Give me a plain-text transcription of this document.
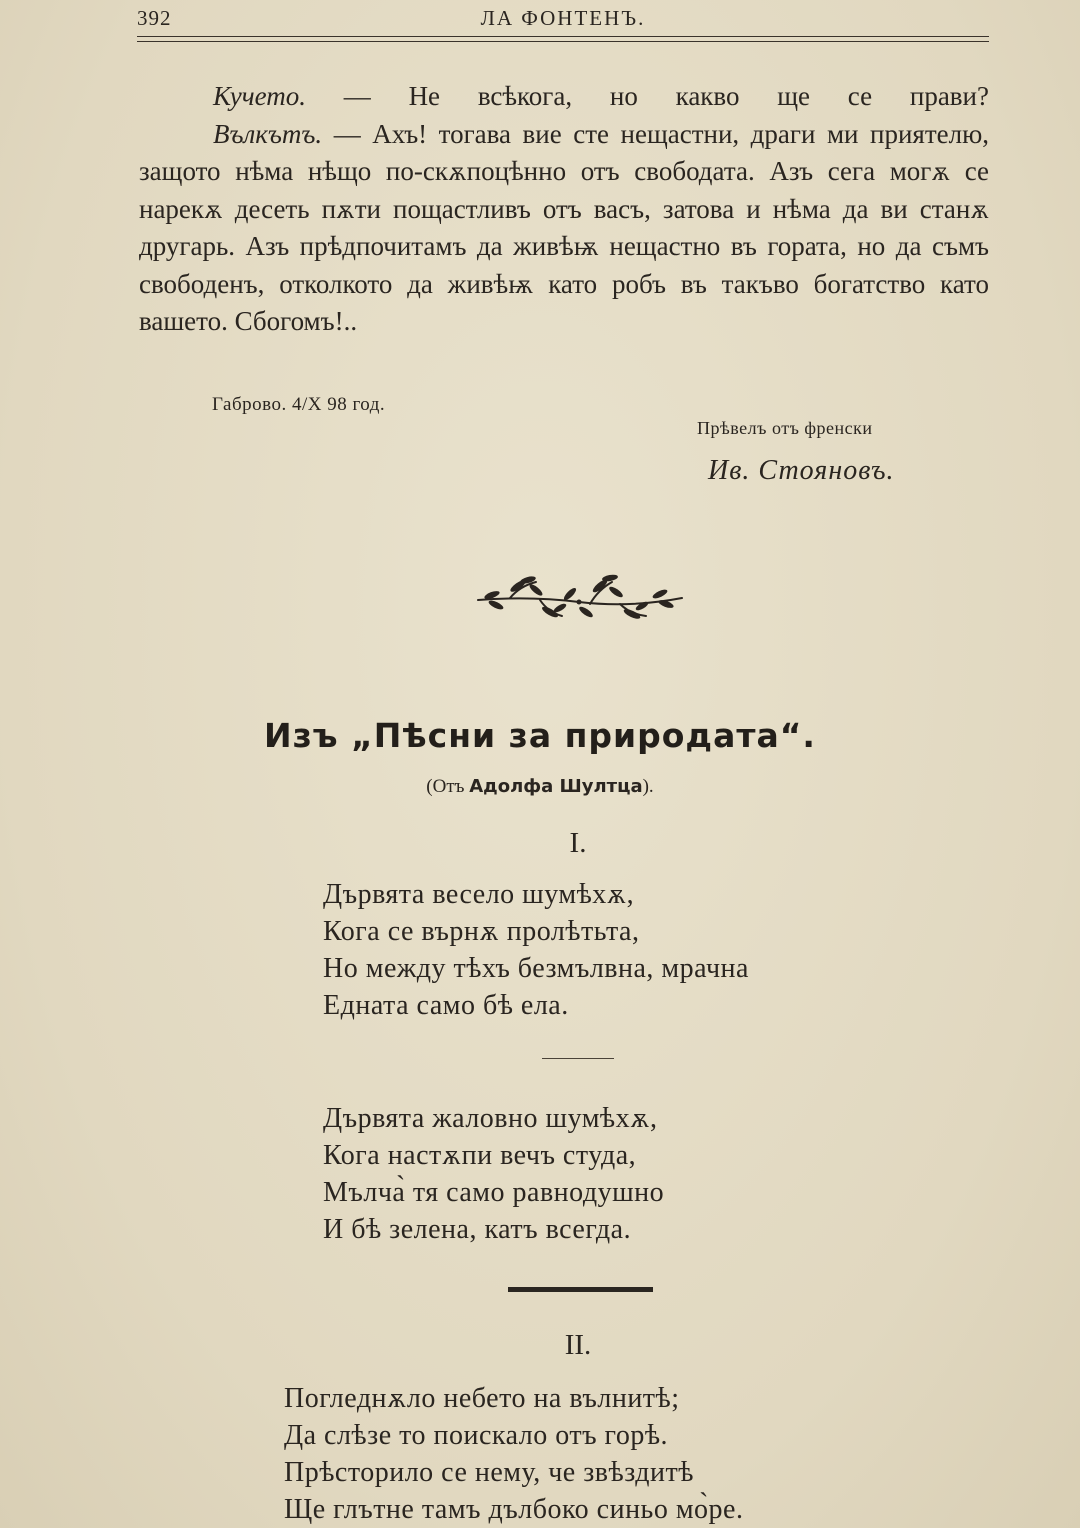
392	ЛА ФОНТЕНЪ.

Кучето. — Не всѣкога, но какво ще се прави?

Вълкътъ. — Ахъ! тогава вие сте нещастни, драги ми приятелю, защото нѣма нѣщо по-скѫпоцѣнно отъ свободата. Азъ сега могѫ се нарекѫ десеть пѫти пощастливъ отъ васъ, затова и нѣма да ви станѫ другарь. Азъ прѣдпочитамъ да живѣѭ нещастно въ гората, но да съмъ свободенъ, отколкото да живѣѭ като робъ въ такъво богатство като вашето. Сбогомъ!..

Габрово. 4/X 98 год.
Прѣвелъ отъ френски
Ив. Стояновъ.
Изъ „Пѣсни за природата“.
(Отъ Адолфа Шултца).
I.
Дървята весело шумѣхѫ,
Кога се върнѫ пролѣтьта,
Но между тѣхъ безмълвна, мрачна
Едната само бѣ ела.
Дървята жаловно шумѣхѫ,
Кога настѫпи вечъ студа,
Мълча̀ тя само равнодушно
И бѣ зелена, катъ всегда.
II.
Погледнѫло небето на вълнитѣ;
Да слѣзе то поискало отъ горѣ.
Прѣсторило се нему, че звѣздитѣ
Ще глътне тамъ дълбоко синьо мо̀ре.
